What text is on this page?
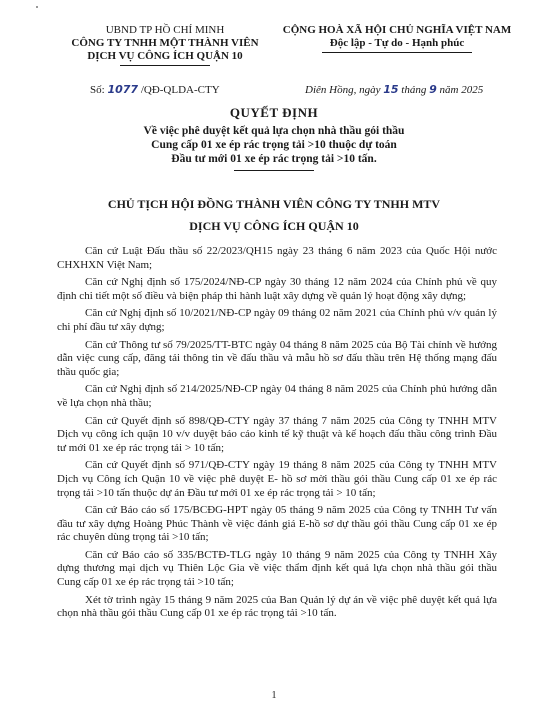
UBND TP HỒ CHÍ MINH
CÔNG TY TNHH MỘT THÀNH VIÊN
DỊCH VỤ CÔNG ÍCH QUẬN 10
CỘNG HOÀ XÃ HỘI CHỦ NGHĨA VIỆT NAM
Độc lập - Tự do - Hạnh phúc
Số: 1077 /QĐ-QLDA-CTY	Diên Hồng, ngày 15 tháng 9 năm 2025
QUYẾT ĐỊNH
Về việc phê duyệt kết quả lựa chọn nhà thầu gói thầu
Cung cấp 01 xe ép rác trọng tải >10 thuộc dự toán
Đầu tư mới 01 xe ép rác trọng tải >10 tấn.
CHỦ TỊCH HỘI ĐỒNG THÀNH VIÊN CÔNG TY TNHH MTV
DỊCH VỤ CÔNG ÍCH QUẬN 10

Căn cứ Luật Đấu thầu số 22/2023/QH15 ngày 23 tháng 6 năm 2023 của Quốc Hội nước CHXHXN Việt Nam;

Căn cứ Nghị định số 175/2024/NĐ-CP ngày 30 tháng 12 năm 2024 của Chính phủ về quy định chi tiết một số điều và biện pháp thi hành luật xây dựng về quản lý hoạt động xây dựng;

Căn cứ Nghị định số 10/2021/NĐ-CP ngày 09 tháng 02 năm 2021 của Chính phủ v/v quản lý chi phí đầu tư xây dựng;

Căn cứ Thông tư số 79/2025/TT-BTC ngày 04 tháng 8 năm 2025 của Bộ Tài chính về hướng dẫn việc cung cấp, đăng tải thông tin về đấu thầu và mẫu hồ sơ đấu thầu trên Hệ thống mạng đấu thầu quốc gia;

Căn cứ Nghị định số 214/2025/NĐ-CP ngày 04 tháng 8 năm 2025 của Chính phủ hướng dẫn về lựa chọn nhà thầu;

Căn cứ Quyết định số 898/QĐ-CTY ngày 37 tháng 7 năm 2025 của Công ty TNHH MTV Dịch vụ công ích quận 10 v/v duyệt báo cáo kinh tế kỹ thuật và kế hoạch đấu thầu công trình Đầu tư mới 01 xe ép rác trọng tải > 10 tấn;

Căn cứ Quyết định số 971/QĐ-CTY ngày 19 tháng 8 năm 2025 của Công ty TNHH MTV Dịch vụ Công ích Quận 10 về việc phê duyệt E- hồ sơ mời thầu gói thầu Cung cấp 01 xe ép rác trọng tải >10 tấn thuộc dự án Đầu tư mới 01 xe ép rác trọng tải > 10 tấn;

Căn cứ Báo cáo số 175/BCĐG-HPT ngày 05 tháng 9 năm 2025 của Công ty TNHH Tư vấn đầu tư xây dựng Hoàng Phúc Thành về việc đánh giá E-hồ sơ dự thầu gói thầu Cung cấp 01 xe ép rác chuyên dùng trọng tải >10 tấn;

Căn cứ Báo cáo số 335/BCTĐ-TLG ngày 10 tháng 9 năm 2025 của Công ty TNHH Xây dựng thương mại dịch vụ Thiên Lộc Gia về việc thẩm định kết quả lựa chọn nhà thầu gói thầu Cung cấp 01 xe ép rác trọng tải >10 tấn;

Xét tờ trình ngày 15 tháng 9 năm 2025 của Ban Quản lý dự án về việc phê duyệt kết quả lựa chọn nhà thầu gói thầu Cung cấp 01 xe ép rác trọng tải >10 tấn.

1
